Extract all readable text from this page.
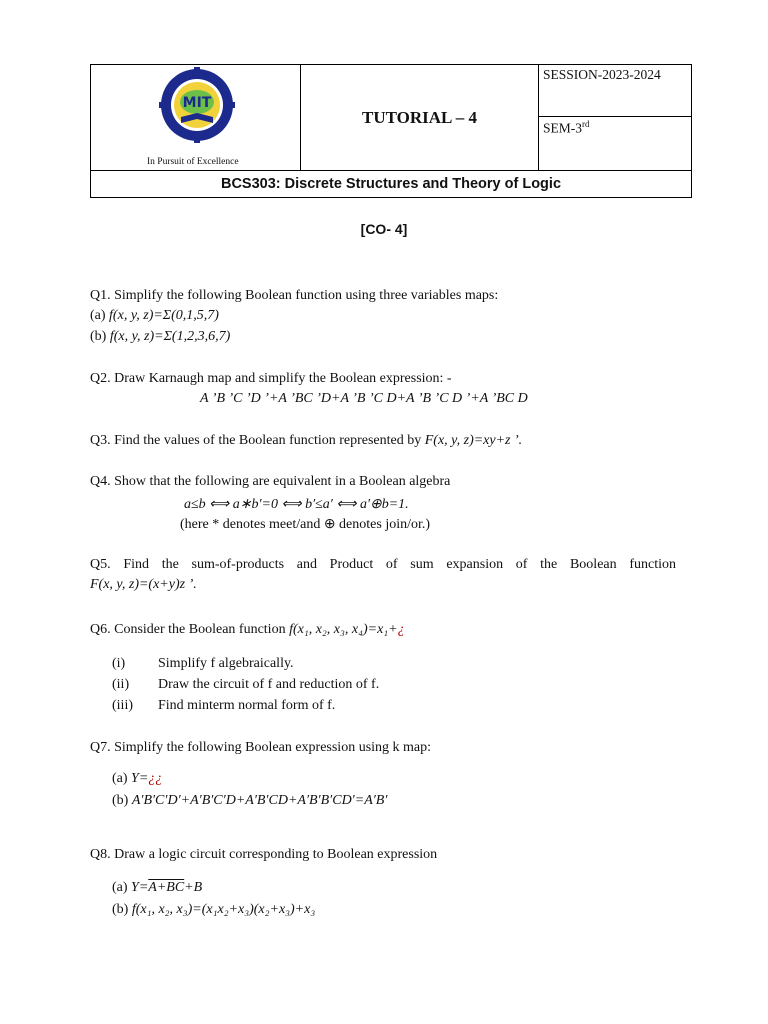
MIT
In Pursuit of Excellence
TUTORIAL – 4
SESSION-2023-2024
SEM-3rd
BCS303: Discrete Structures and Theory of Logic
[CO- 4]
Q1. Simplify the following Boolean function using three variables maps:
(a) f(x, y, z)=Σ(0,1,5,7)
(b) f(x, y, z)=Σ(1,2,3,6,7)
Q2. Draw Karnaugh map and simplify the Boolean expression: -
A ’B ’C ’D ’+A ’BC ’D+A ’B ’C D+A ’B ’C D ’+A ’BC D
Q3. Find the values of the Boolean function represented by F(x, y, z)=xy+z ’.
Q4. Show that the following are equivalent in a Boolean algebra
a≤b ⟺ a∗b′=0 ⟺ b′≤a′ ⟺ a′⊕b=1.
(here * denotes meet/and ⊕ denotes join/or.)
Q5. Find the sum-of-products and Product of sum expansion of the Boolean function
F(x, y, z)=(x+y)z ’.
Q6. Consider the Boolean function f(x₁, x₂, x₃, x₄)=x₁+¿
(i) Simplify f algebraically.
(ii) Draw the circuit of f and reduction of f.
(iii) Find minterm normal form of f.
Q7. Simplify the following Boolean expression using k map:
(a) Y=¿¿
(b) A′B′C′D′+A′B′C′D+A′B′CD+A′B′B′CD′=A′B′
Q8. Draw a logic circuit corresponding to Boolean expression
(a) Y=A+BC+B
(b) f(x₁, x₂, x₃)=(x₁x₂+x₃)(x₂+x₃)+x₃
